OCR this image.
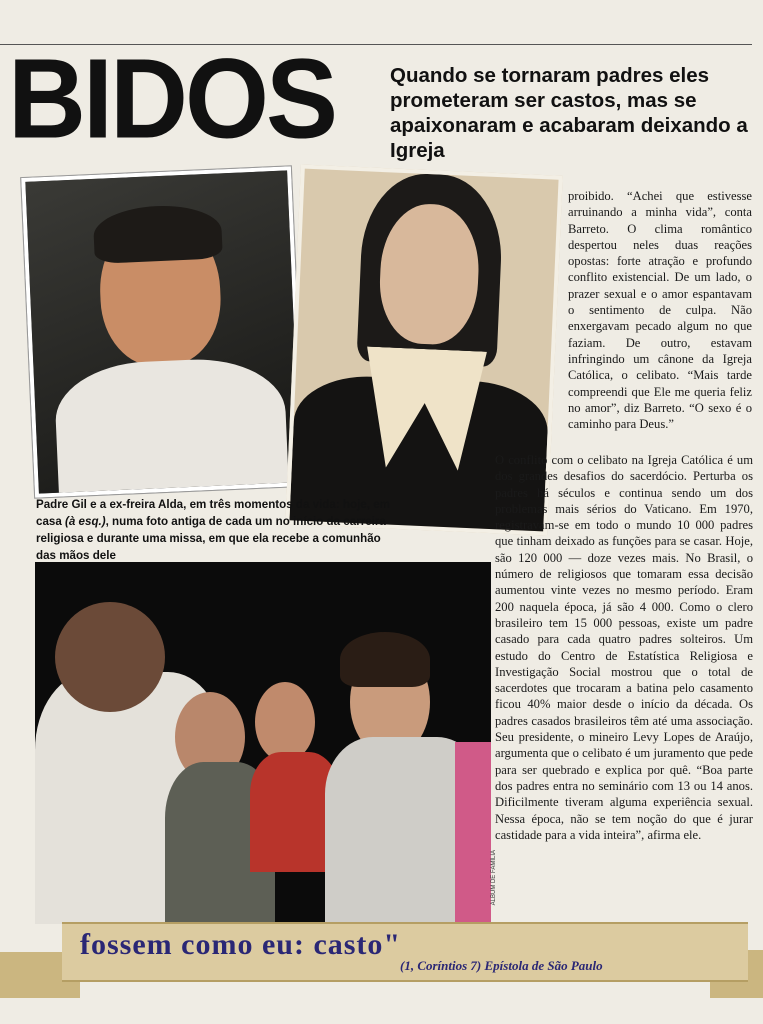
BIDOS	Quando se tornaram padres eles prometeram ser castos, mas se apaixonaram e acabaram deixando a Igreja
Padre Gil e a ex-freira Alda, em três momentos da vida: hoje, em casa (à esq.), numa foto antiga de cada um no início da carreira religiosa e durante uma missa, em que ela recebe a comunhão das mãos dele
ÁLBUM DE FAMÍLIA
proibido. “Achei que estivesse arruinando a minha vida”, conta Barreto. O clima romântico despertou neles duas reações opostas: forte atração e profundo conflito existencial. De um lado, o prazer sexual e o amor espantavam o sentimento de culpa. Não enxergavam pecado algum no que faziam. De outro, estavam infringindo um cânone da Igreja Católica, o celibato. “Mais tarde compreendi que Ele me queria feliz no amor”, diz Barreto. “O sexo é o caminho para Deus.”
O conflito com o celibato na Igreja Católica é um dos grandes desafios do sacerdócio. Perturba os padres há séculos e continua sendo um dos problemas mais sérios do Vaticano. Em 1970, registravam-se em todo o mundo 10 000 padres que tinham deixado as funções para se casar. Hoje, são 120 000 — doze vezes mais. No Brasil, o número de religiosos que tomaram essa decisão aumentou vinte vezes no mesmo período. Eram 200 naquela época, já são 4 000. Como o clero brasileiro tem 15 000 pessoas, existe um padre casado para cada quatro padres solteiros. Um estudo do Centro de Estatística Religiosa e Investigação Social mostrou que o total de sacerdotes que trocaram a batina pelo casamento ficou 40% maior desde o início da década. Os padres casados brasileiros têm até uma associação. Seu presidente, o mineiro Levy Lopes de Araújo, argumenta que o celibato é um juramento que pede para ser quebrado e explica por quê. “Boa parte dos padres entra no seminário com 13 ou 14 anos. Dificilmente tiveram alguma experiência sexual. Nessa época, não se tem noção do que é jurar castidade para a vida inteira”, afirma ele.
fossem como eu: casto"
(1, Coríntios 7) Epístola de São Paulo
